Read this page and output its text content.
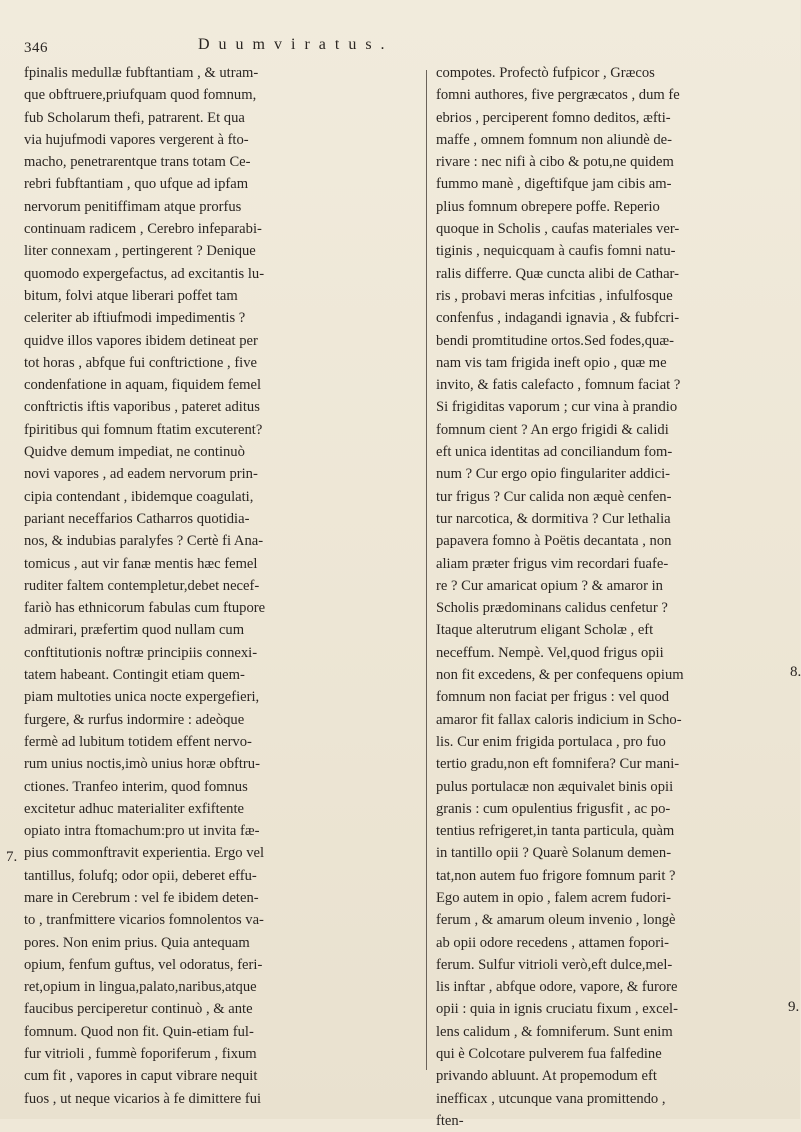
346	Duumviratus.
fpinalis medullæ fubftantiam , & utram-
que obftruere,priufquam quod fomnum,
fub Scholarum thefi, patrarent. Et qua
via hujufmodi vapores vergerent à fto-
macho, penetrarentque trans totam Ce-
rebri fubftantiam , quo ufque ad ipfam
nervorum penitiffimam atque prorfus
continuam radicem , Cerebro infeparabi-
liter connexam , pertingerent ? Denique
quomodo expergefactus, ad excitantis lu-
bitum, folvi atque liberari poffet tam
celeriter ab iftiufmodi impedimentis ?
quidve illos vapores ibidem detineat per
tot horas , abfque fui conftrictione , five
condenfatione in aquam, fiquidem femel
conftrictis iftis vaporibus , pateret aditus
fpiritibus qui fomnum ftatim excuterent?
Quidve demum impediat, ne continuò
novi vapores , ad eadem nervorum prin-
cipia contendant , ibidemque coagulati,
pariant neceffarios Catharros quotidia-
nos, & indubias paralyfes ? Certè fi Ana-
tomicus , aut vir fanæ mentis hæc femel
ruditer faltem contempletur,debet necef-
fariò has ethnicorum fabulas cum ftupore
admirari, præfertim quod nullam cum
conftitutionis noftræ principiis connexi-
tatem habeant. Contingit etiam quem-
piam multoties unica nocte expergefieri,
furgere, & rurfus indormire : adeòque
fermè ad lubitum totidem effent nervo-
rum unius noctis,imò unius horæ obftru-
ctiones. Tranfeo interim, quod fomnus
excitetur adhuc materialiter exfiftente
opiato intra ftomachum:pro ut invita fæ-
pius commonftravit experientia. Ergo vel
tantillus, folufq; odor opii, deberet effu-
mare in Cerebrum : vel fe ibidem deten-
to , tranfmittere vicarios fomnolentos va-
pores. Non enim prius. Quia antequam
opium, fenfum guftus, vel odoratus, feri-
ret,opium in lingua,palato,naribus,atque
faucibus perciperetur continuò , & ante
fomnum. Quod non fit. Quin-etiam ful-
fur vitrioli , fummè foporiferum , fixum
cum fit , vapores in caput vibrare nequit
fuos , ut neque vicarios à fe dimittere fui
compotes. Profectò fufpicor , Græcos
fomni authores, five pergræcatos , dum fe
ebrios , perciperent fomno deditos, æfti-
maffe , omnem fomnum non aliundè de-
rivare : nec nifi à cibo & potu,ne quidem
fummo manè , digeftifque jam cibis am-
plius fomnum obrepere poffe. Reperio
quoque in Scholis , caufas materiales ver-
tiginis , nequicquam à caufis fomni natu-
ralis differre. Quæ cuncta alibi de Cathar-
ris , probavi meras infcitias , infulfosque
confenfus , indagandi ignavia , & fubfcri-
bendi promtitudine ortos.Sed fodes,quæ-
nam vis tam frigida ineft opio , quæ me
invito, & fatis calefacto , fomnum faciat ?
Si frigiditas vaporum ; cur vina à prandio
fomnum cient ? An ergo frigidi & calidi
eft unica identitas ad conciliandum fom-
num ? Cur ergo opio fingulariter addici-
tur frigus ? Cur calida non æquè cenfen-
tur narcotica, & dormitiva ? Cur lethalia
papavera fomno à Poëtis decantata , non
aliam præter frigus vim recordari fuafe-
re ? Cur amaricat opium ? & amaror in
Scholis prædominans calidus cenfetur ?
Itaque alterutrum eligant Scholæ , eft
neceffum. Nempè. Vel,quod frigus opii
non fit excedens, & per confequens opium
fomnum non faciat per frigus : vel quod
amaror fit fallax caloris indicium in Scho-
lis. Cur enim frigida portulaca , pro fuo
tertio gradu,non eft fomnifera? Cur mani-
pulus portulacæ non æquivalet binis opii
granis : cum opulentius frigusfit , ac po-
tentius refrigeret,in tanta particula, quàm
in tantillo opii ? Quarè Solanum demen-
tat,non autem fuo frigore fomnum parit ?
Ego autem in opio , falem acrem fudori-
ferum , & amarum oleum invenio , longè
ab opii odore recedens , attamen fopori-
ferum. Sulfur vitrioli verò,eft dulce,mel-
lis inftar , abfque odore, vapore, & furore
opii : quia in ignis cruciatu fixum , excel-
lens calidum , & fomniferum. Sunt enim
qui è Colcotare pulverem fua falfedine
privando abluunt. At propemodum eft
inefficax , utcunque vana promittendo ,
ften-
8.
7.
9.
